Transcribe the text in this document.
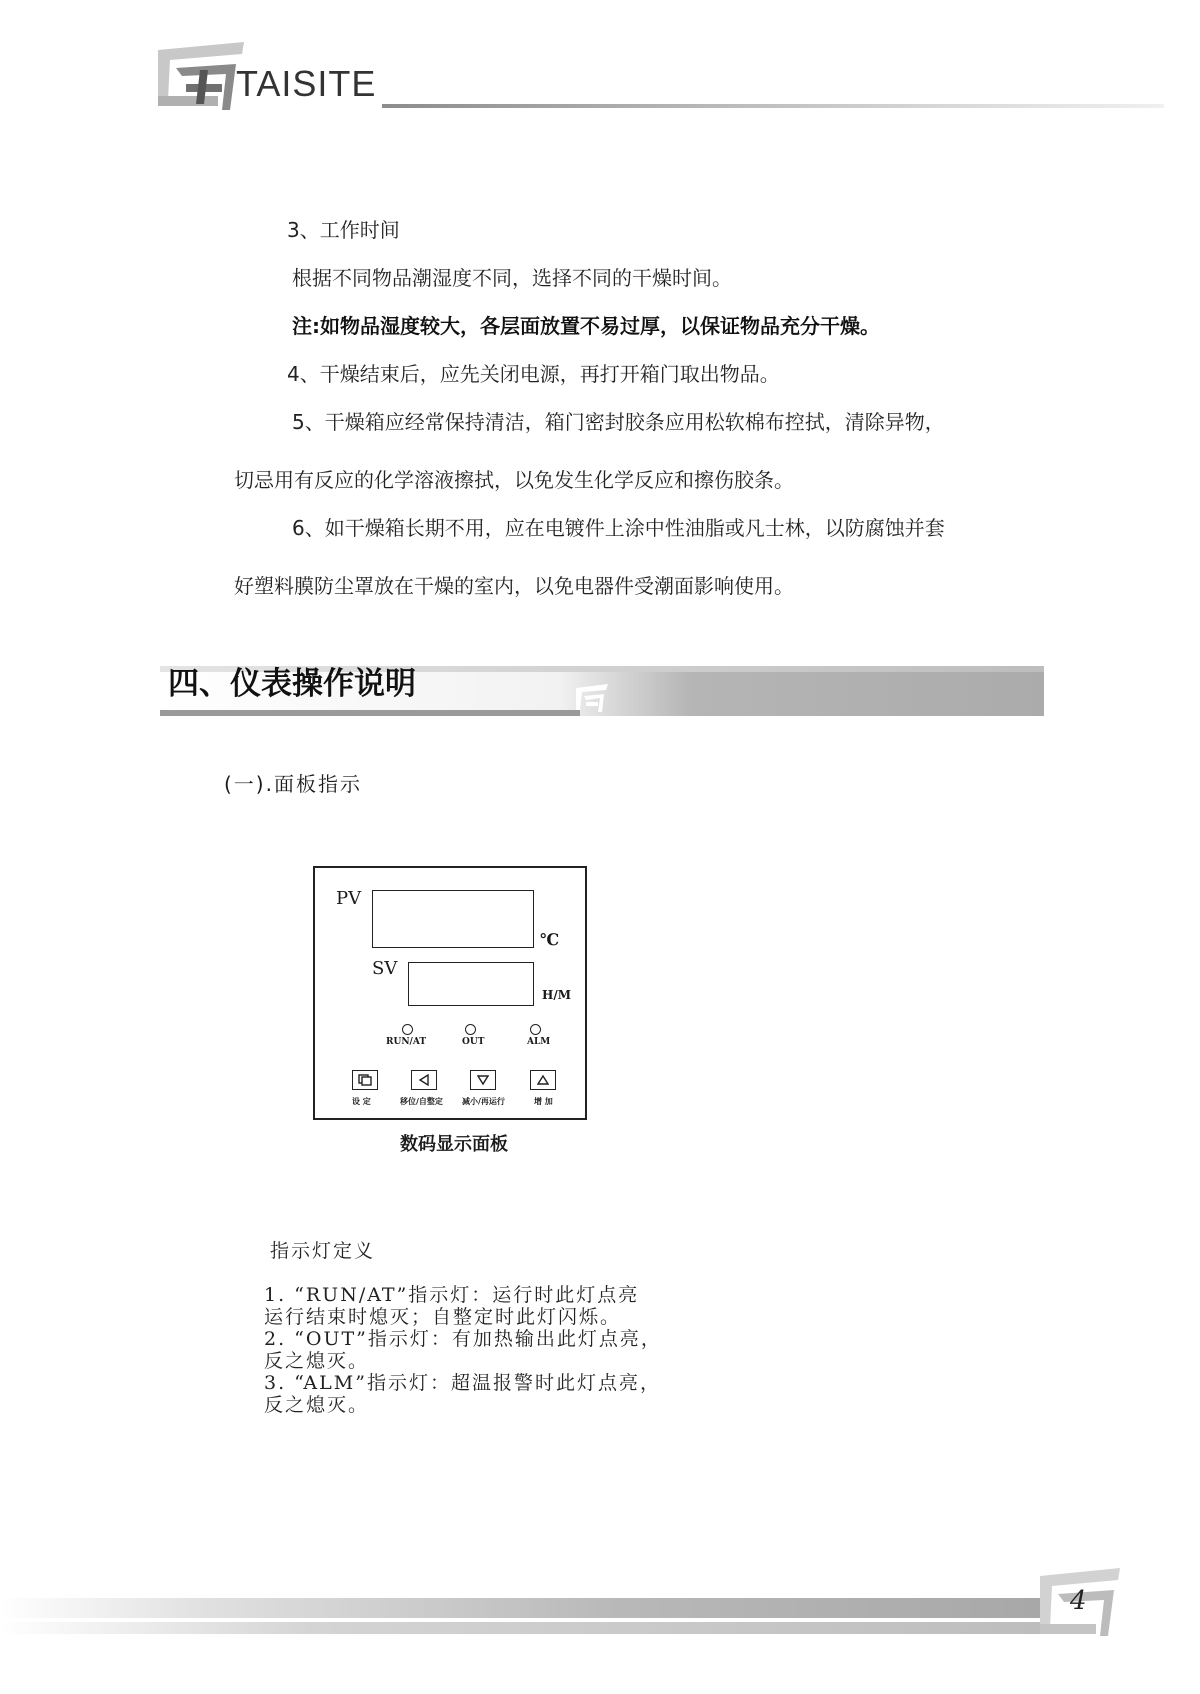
TAISITE
3、工作时间
根据不同物品潮湿度不同，选择不同的干燥时间。
注:如物品湿度较大，各层面放置不易过厚，以保证物品充分干燥。
4、干燥结束后，应先关闭电源，再打开箱门取出物品。
5、干燥箱应经常保持清洁，箱门密封胶条应用松软棉布控拭，清除异物，
切忌用有反应的化学溶液擦拭，以免发生化学反应和擦伤胶条。
6、如干燥箱长期不用，应在电镀件上涂中性油脂或凡士林，以防腐蚀并套
好塑料膜防尘罩放在干燥的室内，以免电器件受潮面影响使用。
四、仪表操作说明
(一).面板指示
PV
℃
SV
H/M
RUN/AT	OUT	ALM
设 定	移位/自整定 减小/再运行	增 加
数码显示面板
指示灯定义
1. “RUN/AT”指示灯：运行时此灯点亮
运行结束时熄灭；自整定时此灯闪烁。
2. “OUT”指示灯：有加热输出此灯点亮，
反之熄灭。
3. “ALM”指示灯：超温报警时此灯点亮，
反之熄灭。
4
